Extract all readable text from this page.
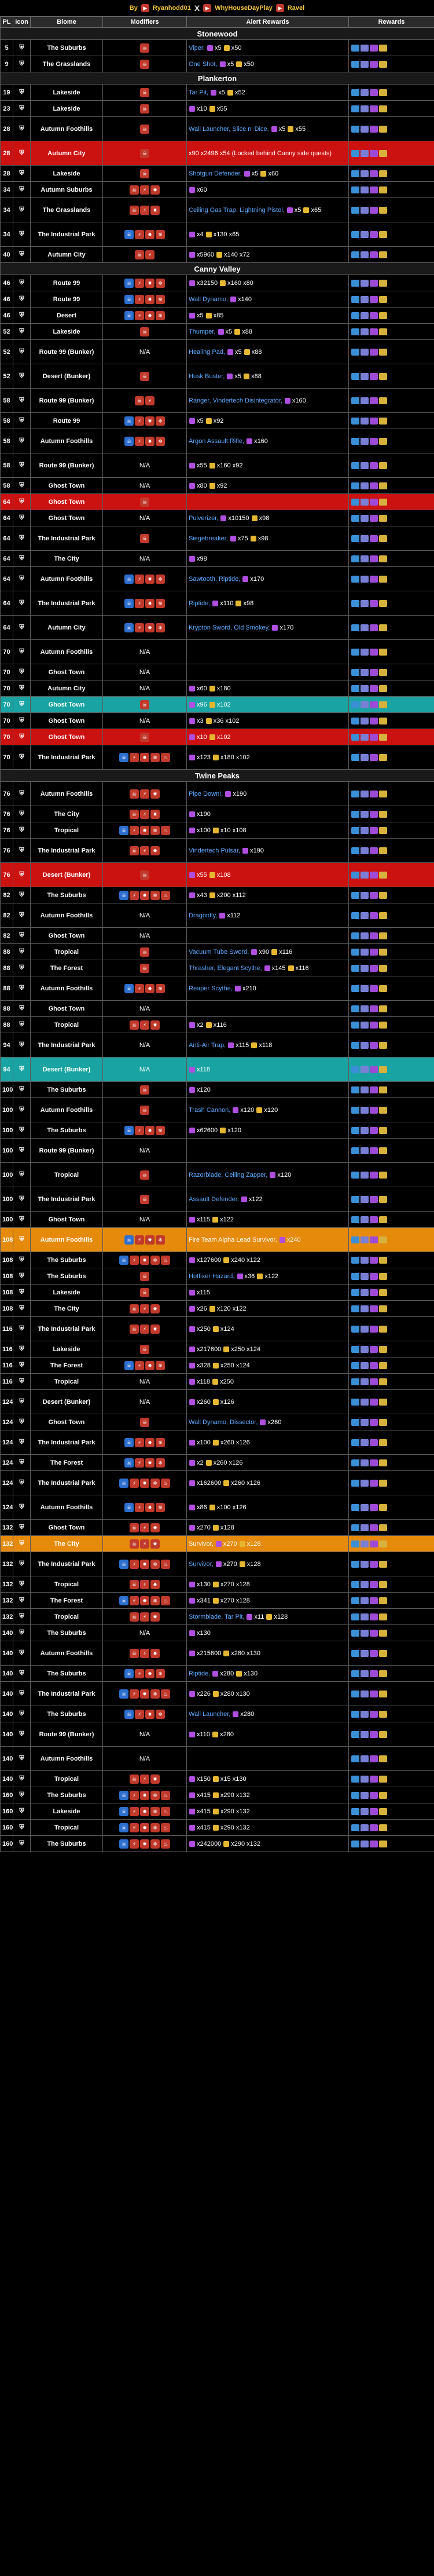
By	▶ Ryanhodd01 X	▶ WhyHouseDayPlay	▶ Ravel
PL	Icon	Biome	Modifiers	Alert Rewards	Rewards
Stonewood					
5	⛨	The Suburbs	☠	Viper, x5 x50	
9	⛨	The Grasslands	☠	One Shot, x5 x50	
Plankerton					
19	⛨	Lakeside	☠	Tar Pit, x5 x52	
23	⛨	Lakeside	☠	x10 x55	
28	⛨	Autumn Foothills	☠	Wall Launcher, Slice n' Dice, x5 x55	
28	⛨	Autumn City	☠	x90 x2496 x54 (Locked behind Canny side quests)	
28	⛨	Lakeside	☠	Shotgun Defender, x5 x60	
34	⛨	Autumn Suburbs	☠ ⚡ ✸	x60	
34	⛨	The Grasslands	☠ ⚡ ✸	Ceiling Gas Trap, Lightning Pistol, x5 x65	
34	⛨	The Industrial Park	☠ ⚡ ✸ ❄	x4 x130 x65	
40	⛨	Autumn City	☠ ⚡	x5960 x140 x72	
Canny Valley					
46	⛨	Route 99	☠ ⚡ ✸ ❄	x32150 x160 x80	
46	⛨	Route 99	☠ ⚡ ✸ ❄	Wall Dynamo, x140	
46	⛨	Desert	☠ ⚡ ✸ ❄	x5 x85	
52	⛨	Lakeside	☠	Thumper, x5 x88	
52	⛨	Route 99 (Bunker)	N/A	Healing Pad, x5 x88	
52	⛨	Desert (Bunker)	☠	Husk Buster, x5 x88	
58	⛨	Route 99 (Bunker)	☠ ⚡	Ranger, Vindertech Disintegrator, x160	
58	⛨	Route 99	☠ ⚡ ✸ ❄	x5 x92	
58	⛨	Autumn Foothills	☠ ⚡ ✸ ❄	Argon Assault Rifle, x160	
58	⛨	Route 99 (Bunker)	N/A	x55 x160 x92	
58	⛨	Ghost Town	N/A	x80 x92	
64	⛨	Ghost Town	☠		
64	⛨	Ghost Town	N/A	Pulverizer, x10150 x98	
64	⛨	The Industrial Park	☠	Siegebreaker, x75 x98	
64	⛨	The City	N/A	x98	
64	⛨	Autumn Foothills	☠ ⚡ ✸ ❄	Sawtooth, Riptide, x170	
64	⛨	The Industrial Park	☠ ⚡ ✸ ❄	Riptide, x110 x98	
64	⛨	Autumn City	☠ ⚡ ✸ ❄	Krypton Sword, Old Smokey, x170	
70	⛨	Autumn Foothills	N/A		
70	⛨	Ghost Town	N/A		
70	⛨	Autumn City	N/A	x60 x180	
70	⛨	Ghost Town	☠	x96 x102	
70	⛨	Ghost Town	N/A	x3 x36 x102	
70	⛨	Ghost Town	☠	x10 x102	
70	⛨	The Industrial Park	☠ ⚡ ✸ ❄ ♨	x123 x180 x102	
Twine Peaks					
76	⛨	Autumn Foothills	☠ ⚡ ✸	Pipe Down!, x190	
76	⛨	The City	☠ ⚡ ✸	x190	
76	⛨	Tropical	☠ ⚡ ✸ ❄ ♨	x100 x10 x108	
76	⛨	The Industrial Park	☠ ⚡ ✸	Vindertech Pulsar, x190	
76	⛨	Desert (Bunker)	☠	x55 x108	
82	⛨	The Suburbs	☠ ⚡ ✸ ❄ ♨	x43 x200 x112	
82	⛨	Autumn Foothills	N/A	Dragonfly, x112	
82	⛨	Ghost Town	N/A		
88	⛨	Tropical	☠	Vacuum Tube Sword, x90 x116	
88	⛨	The Forest	☠	Thrasher, Elegant Scythe, x145 x116	
88	⛨	Autumn Foothills	☠ ⚡ ✸ ❄	Reaper Scythe, x210	
88	⛨	Ghost Town	N/A		
88	⛨	Tropical	☠ ⚡ ✸	x2 x116	
94	⛨	The Industrial Park	N/A	Anti-Air Trap, x115 x118	
94	⛨	Desert (Bunker)	N/A	x118	
100	⛨	The Suburbs	☠	x120	
100	⛨	Autumn Foothills	☠	Trash Cannon, x120 x120	
100	⛨	The Suburbs	☠ ⚡ ✸ ❄	x62600 x120	
100	⛨	Route 99 (Bunker)	N/A		
100	⛨	Tropical	☠	Razorblade, Ceiling Zapper, x120	
100	⛨	The Industrial Park	☠	Assault Defender, x122	
100	⛨	Ghost Town	N/A	x115 x122	
108	⛨	Autumn Foothills	☠ ⚡ ✸ ❄	Fire Team Alpha Lead Survivor, x240	
108	⛨	The Suburbs	☠ ⚡ ✸ ❄ ♨	x127600 x240 x122	
108	⛨	The Suburbs	☠	Hotfixer Hazard, x36 x122	
108	⛨	Lakeside	☠	x115	
108	⛨	The City	☠ ⚡ ✸	x26 x120 x122	
116	⛨	The Industrial Park	☠ ⚡ ✸	x250 x124	
116	⛨	Lakeside	☠	x217600 x250 x124	
116	⛨	The Forest	☠ ⚡ ✸ ❄	x328 x250 x124	
116	⛨	Tropical	N/A	x118 x250	
124	⛨	Desert (Bunker)	N/A	x260 x126	
124	⛨	Ghost Town	☠	Wall Dynamo, Dissector, x260	
124	⛨	The Industrial Park	☠ ⚡ ✸ ❄	x100 x260 x126	
124	⛨	The Forest	☠ ⚡ ✸ ❄	x2 x260 x126	
124	⛨	The Industrial Park	☠ ⚡ ✸ ❄ ♨	x162600 x260 x126	
124	⛨	Autumn Foothills	☠ ⚡ ✸ ❄	x86 x100 x126	
132	⛨	Ghost Town	☠ ⚡ ✸	x270 x128	
132	⛨	The City	☠ ⚡ ✸	Survivor, x270 x128	
132	⛨	The Industrial Park	☠ ⚡ ✸ ❄ ♨	Survivor, x270 x128	
132	⛨	Tropical	☠ ⚡ ✸	x130 x270 x128	
132	⛨	The Forest	☠ ⚡ ✸ ❄ ♨	x341 x270 x128	
132	⛨	Tropical	☠ ⚡ ✸	Stormblade, Tar Pit, x11 x128	
140	⛨	The Suburbs	N/A	x130	
140	⛨	Autumn Foothills	☠ ⚡ ✸	x215600 x280 x130	
140	⛨	The Suburbs	☠ ⚡ ✸ ❄	Riptide, x280 x130	
140	⛨	The Industrial Park	☠ ⚡ ✸ ❄ ♨	x226 x280 x130	
140	⛨	The Suburbs	☠ ⚡ ✸ ❄	Wall Launcher, x280	
140	⛨	Route 99 (Bunker)	N/A	x110 x280	
140	⛨	Autumn Foothills	N/A		
140	⛨	Tropical	☠ ⚡ ✸	x150 x15 x130	
160	⛨	The Suburbs	☠ ⚡ ✸ ❄ ♨	x415 x290 x132	
160	⛨	Lakeside	☠ ⚡ ✸ ❄ ♨	x415 x290 x132	
160	⛨	Tropical	☠ ⚡ ✸ ❄ ♨	x415 x290 x132	
160	⛨	The Suburbs	☠ ⚡ ✸ ❄ ♨	x242000 x290 x132	
